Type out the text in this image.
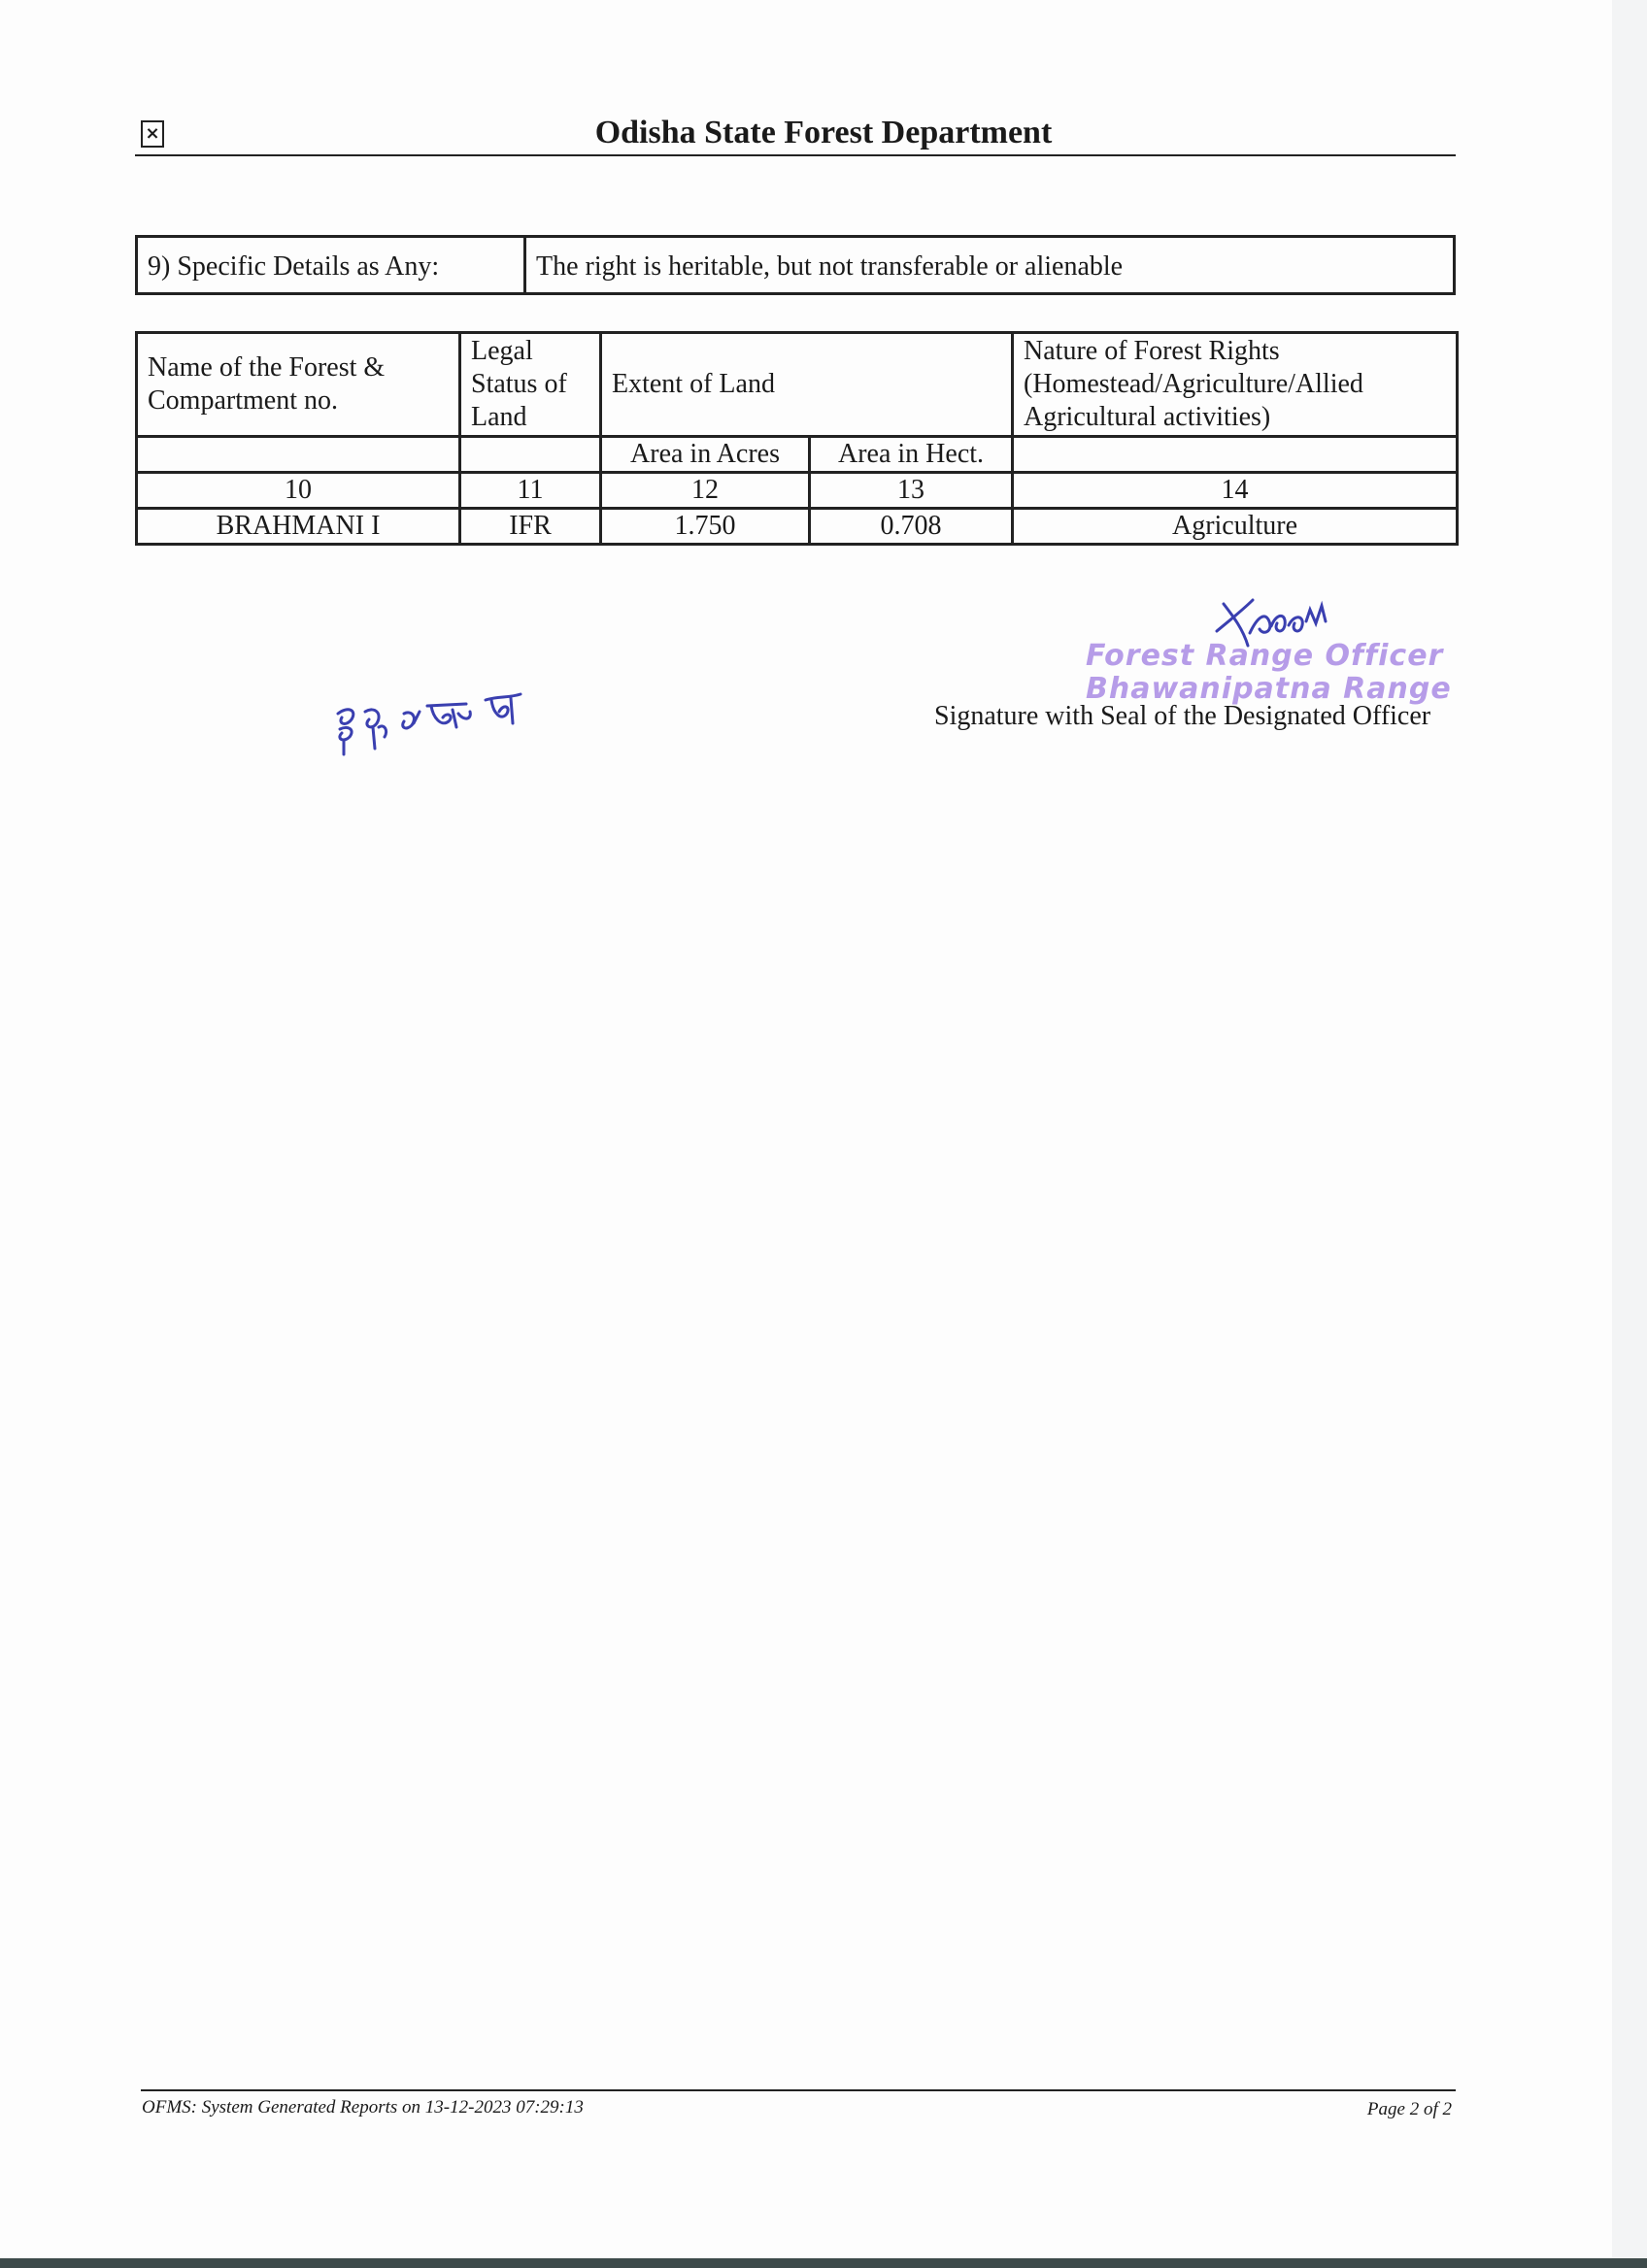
×	Odisha State Forest Department
9) Specific Details as Any:	The right is heritable, but not transferable or alienable
Name of the Forest & Compartment no.	Legal Status of Land	Extent of Land		Nature of Forest Rights (Homestead/Agriculture/Allied Agricultural activities)
		Area in Acres	Area in Hect.	
10	11	12	13	14
BRAHMANI I	IFR	1.750	0.708	Agriculture
Forest Range Officer
Bhawanipatna Range
Signature with Seal of the Designated Officer
OFMS: System Generated Reports on 13-12-2023 07:29:13	Page 2 of 2
